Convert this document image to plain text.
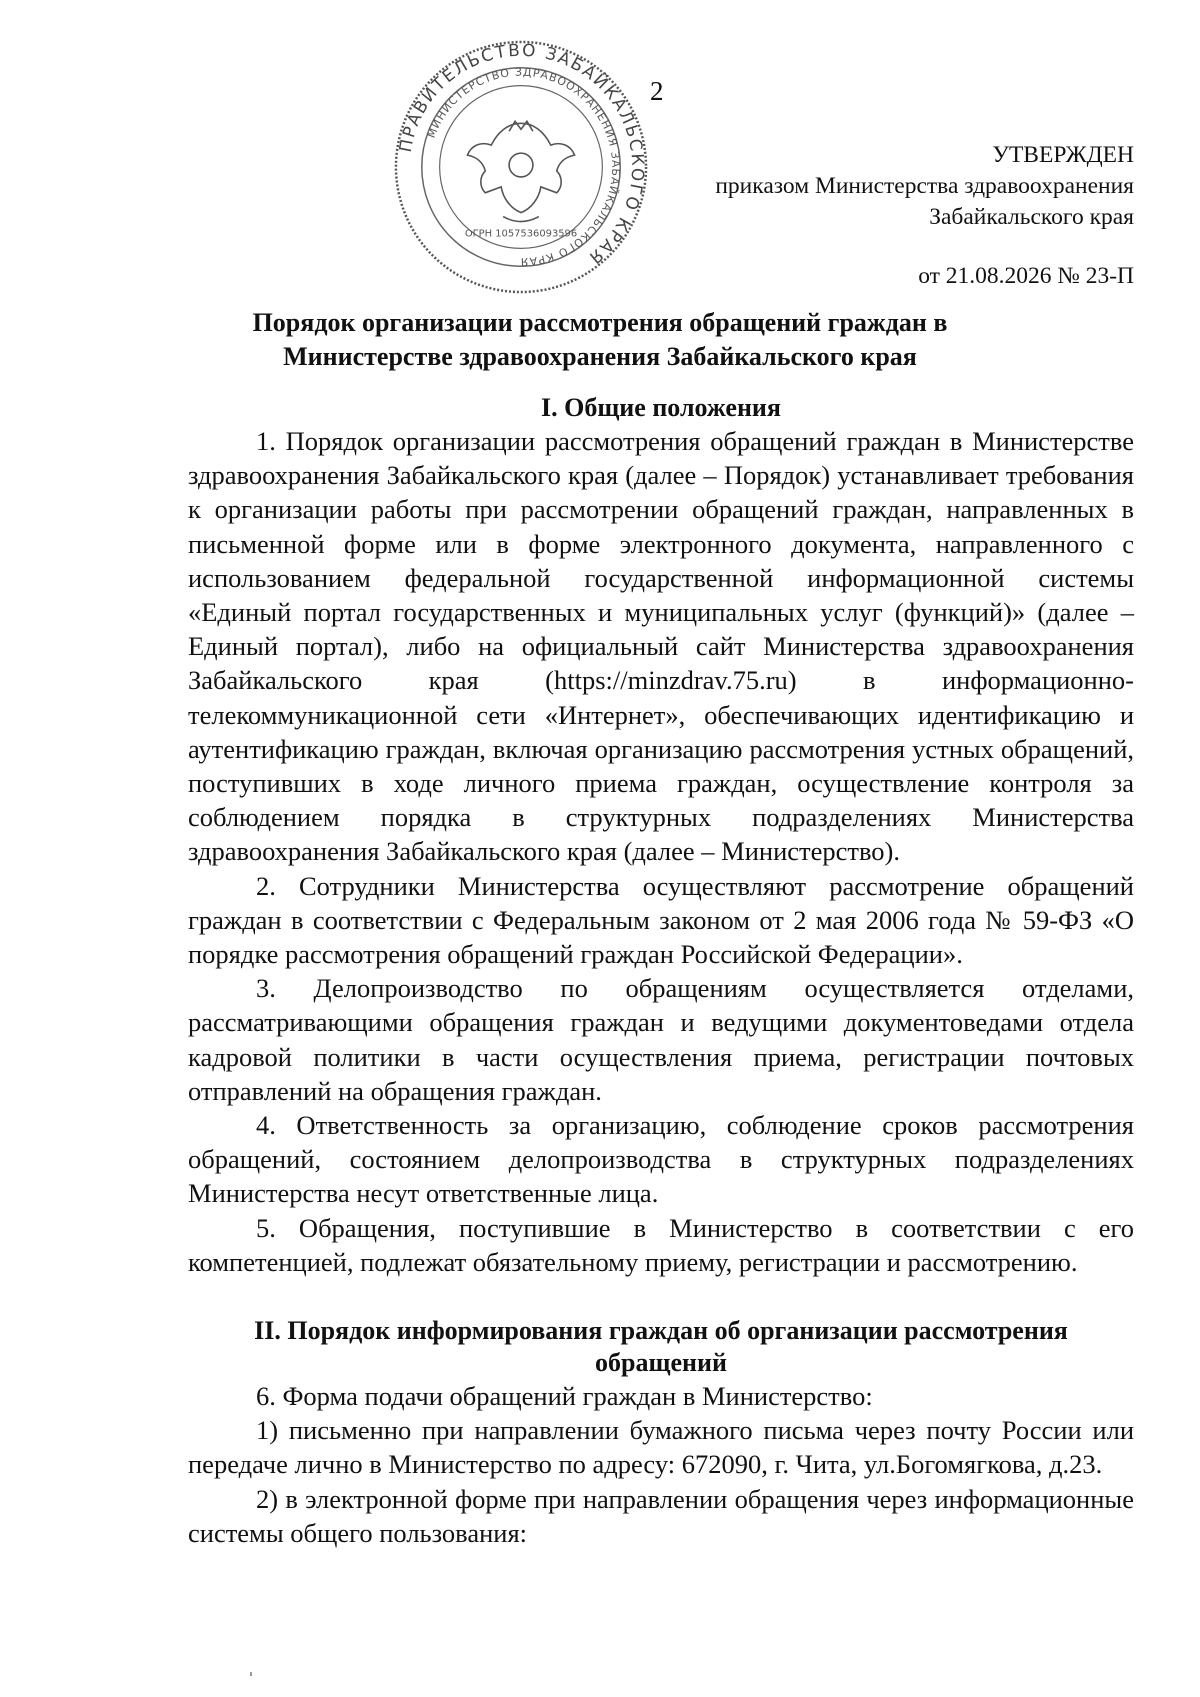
2
ПРАВИТЕЛЬСТВО ЗАБАЙКАЛЬСКОГО КРАЯ
МИНИСТЕРСТВО ЗДРАВООХРАНЕНИЯ ЗАБАЙКАЛЬСКОГО КРАЯ
ОГРН 1057536093596
УТВЕРЖДЕН
приказом Министерства здравоохранения
Забайкальского края
от 21.08.2026 № 23-П
Порядок организации рассмотрения обращений граждан в
Министерстве здравоохранения Забайкальского края
I. Общие положения

1. Порядок организации рассмотрения обращений граждан в Министерстве здравоохранения Забайкальского края (далее – Порядок) устанавливает требования к организации работы при рассмотрении обращений граждан, направленных в письменной форме или в форме электронного документа, направленного с использованием федеральной государственной информационной системы «Единый портал государственных и муниципальных услуг (функций)» (далее – Единый портал), либо на официальный сайт Министерства здравоохранения Забайкальского края (https://minzdrav.75.ru) в информационно-телекоммуникационной сети «Интернет», обеспечивающих идентификацию и аутентификацию граждан, включая организацию рассмотрения устных обращений, поступивших в ходе личного приема граждан, осуществление контроля за соблюдением порядка в структурных подразделениях Министерства здравоохранения Забайкальского края (далее – Министерство).

2. Сотрудники Министерства осуществляют рассмотрение обращений граждан в соответствии с Федеральным законом от 2 мая 2006 года № 59-ФЗ «О порядке рассмотрения обращений граждан Российской Федерации».

3. Делопроизводство по обращениям осуществляется отделами, рассматривающими обращения граждан и ведущими документоведами отдела кадровой политики в части осуществления приема, регистрации почтовых отправлений на обращения граждан.

4. Ответственность за организацию, соблюдение сроков рассмотрения обращений, состоянием делопроизводства в структурных подразделениях Министерства несут ответственные лица.

5. Обращения, поступившие в Министерство в соответствии с его компетенцией, подлежат обязательному приему, регистрации и рассмотрению.

II. Порядок информирования граждан об организации рассмотрения обращений

6. Форма подачи обращений граждан в Министерство:

1) письменно при направлении бумажного письма через почту России или передаче лично в Министерство по адресу: 672090, г. Чита, ул.Богомягкова, д.23.

2) в электронной форме при направлении обращения через информационные системы общего пользования:
